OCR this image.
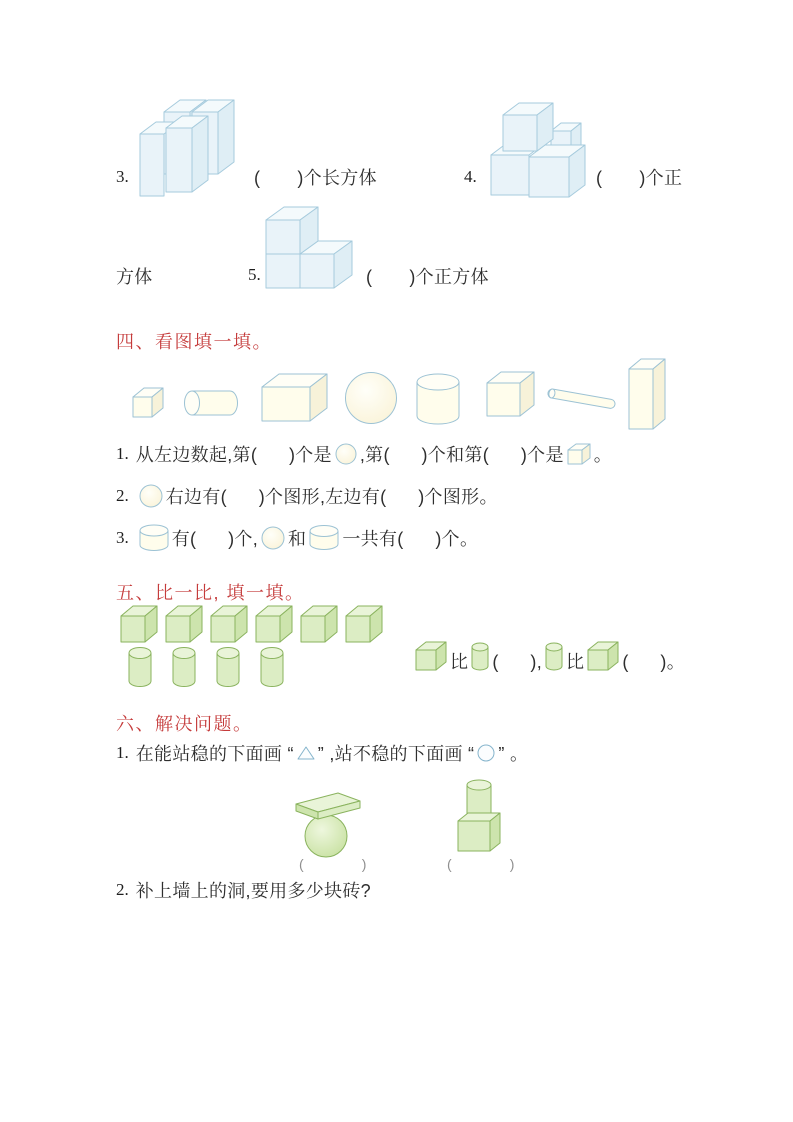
3.	(       )个长方体	4.	(       )个正
方体	5.	(       )个正方体
四、看图填一填。
1. 从左边数起,第(      )个是 ,第(      )个和第(      )个是 。
2. 右边有(      )个图形,左边有(      )个图形。
3. 有(      )个, 和 一共有(      )个。
五、比一比, 填一填。
比 (      ), 比 (      )。
六、解决问题。
1. 在能站稳的下面画 “ ” ,站不稳的下面画 “ ” 。
(        )	(        )
2. 补上墙上的洞,要用多少块砖?
